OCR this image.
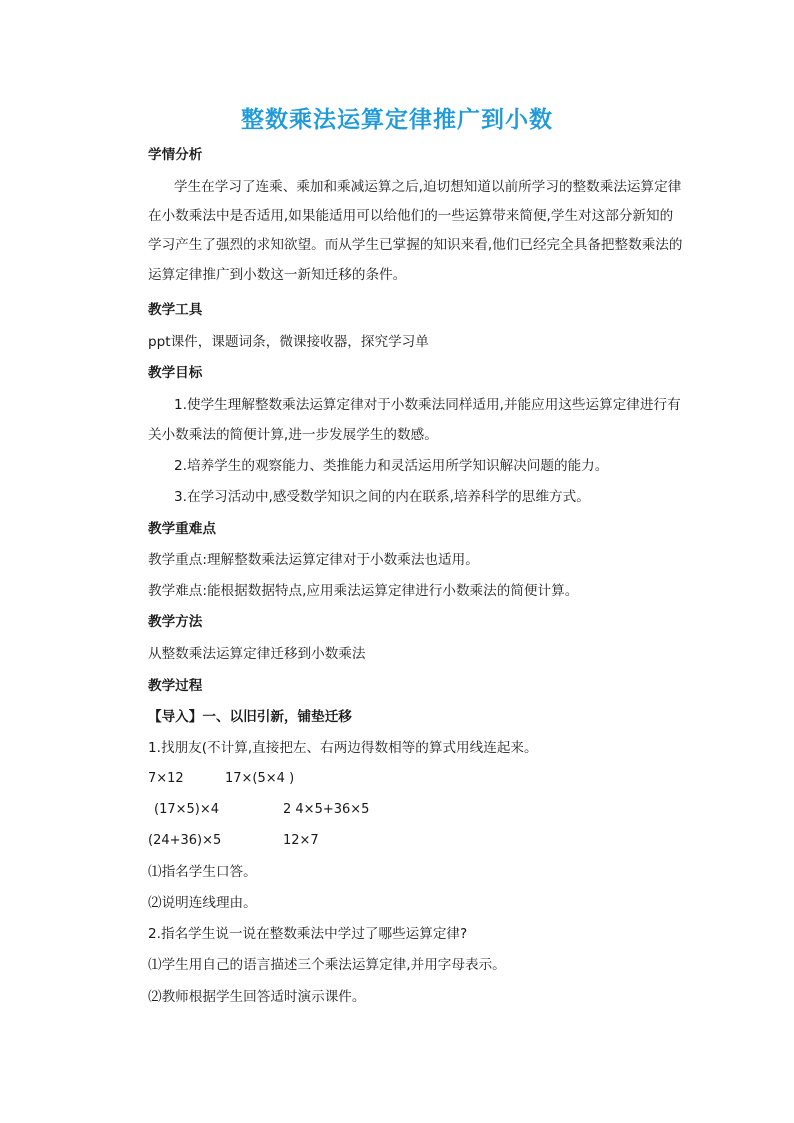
整数乘法运算定律推广到小数
学情分析
学生在学习了连乘、乘加和乘减运算之后,迫切想知道以前所学习的整数乘法运算定律
在小数乘法中是否适用,如果能适用可以给他们的一些运算带来简便,学生对这部分新知的
学习产生了强烈的求知欲望。而从学生已掌握的知识来看,他们已经完全具备把整数乘法的
运算定律推广到小数这一新知迁移的条件。
教学工具
ppt课件，课题词条，微课接收器，探究学习单
教学目标
1.使学生理解整数乘法运算定律对于小数乘法同样适用,并能应用这些运算定律进行有
关小数乘法的简便计算,进一步发展学生的数感。
2.培养学生的观察能力、类推能力和灵活运用所学知识解决问题的能力。
3.在学习活动中,感受数学知识之间的内在联系,培养科学的思维方式。
教学重难点
教学重点:理解整数乘法运算定律对于小数乘法也适用。
教学难点:能根据数据特点,应用乘法运算定律进行小数乘法的简便计算。
教学方法
从整数乘法运算定律迁移到小数乘法
教学过程
【导入】一、以旧引新，铺垫迁移
1.找朋友(不计算,直接把左、右两边得数相等的算式用线连起来。
7×12	17×(5×4 )
(17×5)×4	2 4×5+36×5
(24+36)×5	12×7
⑴指名学生口答。
⑵说明连线理由。
2.指名学生说一说在整数乘法中学过了哪些运算定律?
⑴学生用自己的语言描述三个乘法运算定律,并用字母表示。
⑵教师根据学生回答适时演示课件。
